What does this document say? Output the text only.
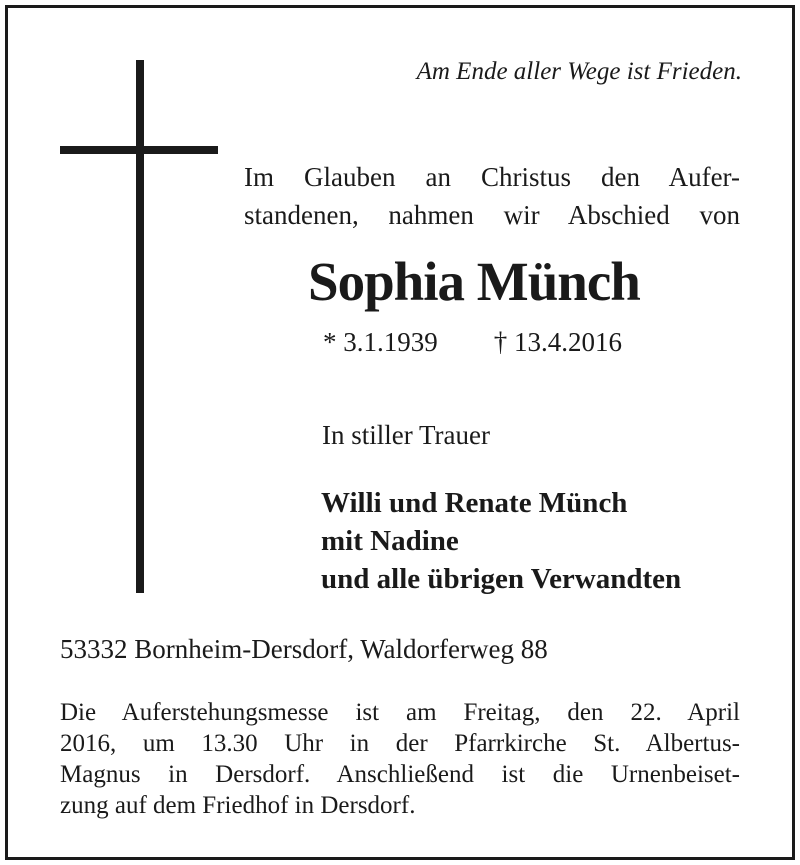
Am Ende aller Wege ist Frieden.
Im Glauben an Christus den Aufer-
standenen, nahmen wir Abschied von
Sophia Münch
* 3.1.1939 † 13.4.2016
In stiller Trauer
Willi und Renate Münch
mit Nadine
und alle übrigen Verwandten
53332 Bornheim-Dersdorf, Waldorferweg 88
Die Auferstehungsmesse ist am Freitag, den 22. April
2016, um 13.30 Uhr in der Pfarrkirche St. Albertus-
Magnus in Dersdorf. Anschließend ist die Urnenbeiset-
zung auf dem Friedhof in Dersdorf.
